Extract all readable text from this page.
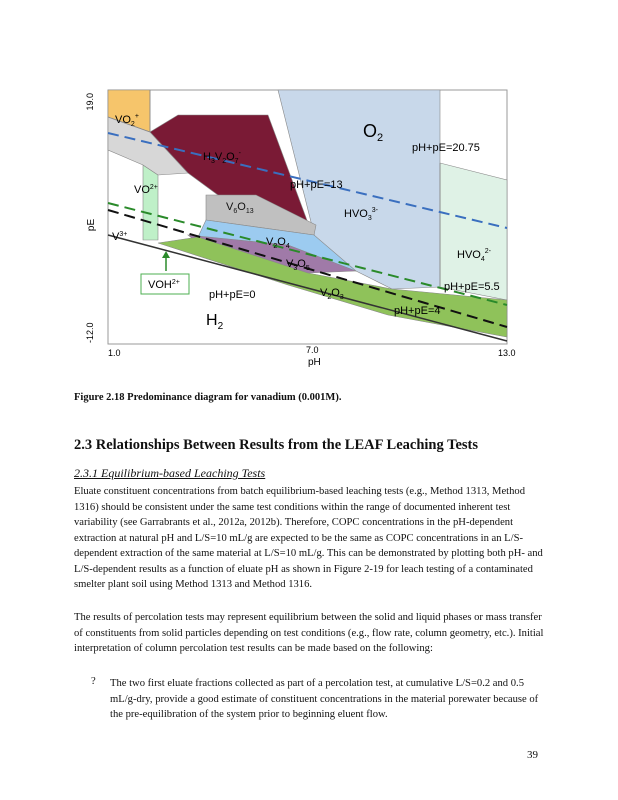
19.0
-12.0
pE
1.0	7.0	13.0
pH
$VO_2^+$
$H_3V_2O_7^-$
$VO^{2+}$
$V_6O_{13}$
$V^{3+}$
$V_2O_4$
$V_3O_5$
$V_2O_3$
$VOH^{2+}$
$HVO_4^{2-}$
$HVO_3^{3-}$
$O_2$
$H_2$
pH+pE=20.75
pH+pE=13
pH+pE=0
pH+pE=5.5
pH+pE=4
Figure 2.18 Predominance diagram for vanadium (0.001M).
2.3 Relationships Between Results from the LEAF Leaching Tests
2.3.1 Equilibrium-based Leaching Tests

Eluate constituent concentrations from batch equilibrium-based leaching tests (e.g., Method 1313, Method 1316) should be consistent under the same test conditions within the range of documented inherent test variability (see Garrabrants et al., 2012a, 2012b). Therefore, COPC concentrations in the pH-dependent extraction at natural pH and L/S=10 mL/g are expected to be the same as COPC concentrations in an L/S-dependent extraction of the same material at L/S=10 mL/g. This can be demonstrated by plotting both pH- and L/S-dependent results as a function of eluate pH as shown in Figure 2-19 for leach testing of a contaminated smelter plant soil using Method 1313 and Method 1316.

The results of percolation tests may represent equilibrium between the solid and liquid phases or mass transfer of constituents from solid particles depending on test conditions (e.g., flow rate, column geometry, etc.). Initial interpretation of column percolation test results can be made based on the following:

? The two first eluate fractions collected as part of a percolation test, at cumulative L/S=0.2 and 0.5 mL/g-dry, provide a good estimate of constituent concentrations in the material porewater because of the pre-equilibration of the system prior to beginning eluent flow.

39
